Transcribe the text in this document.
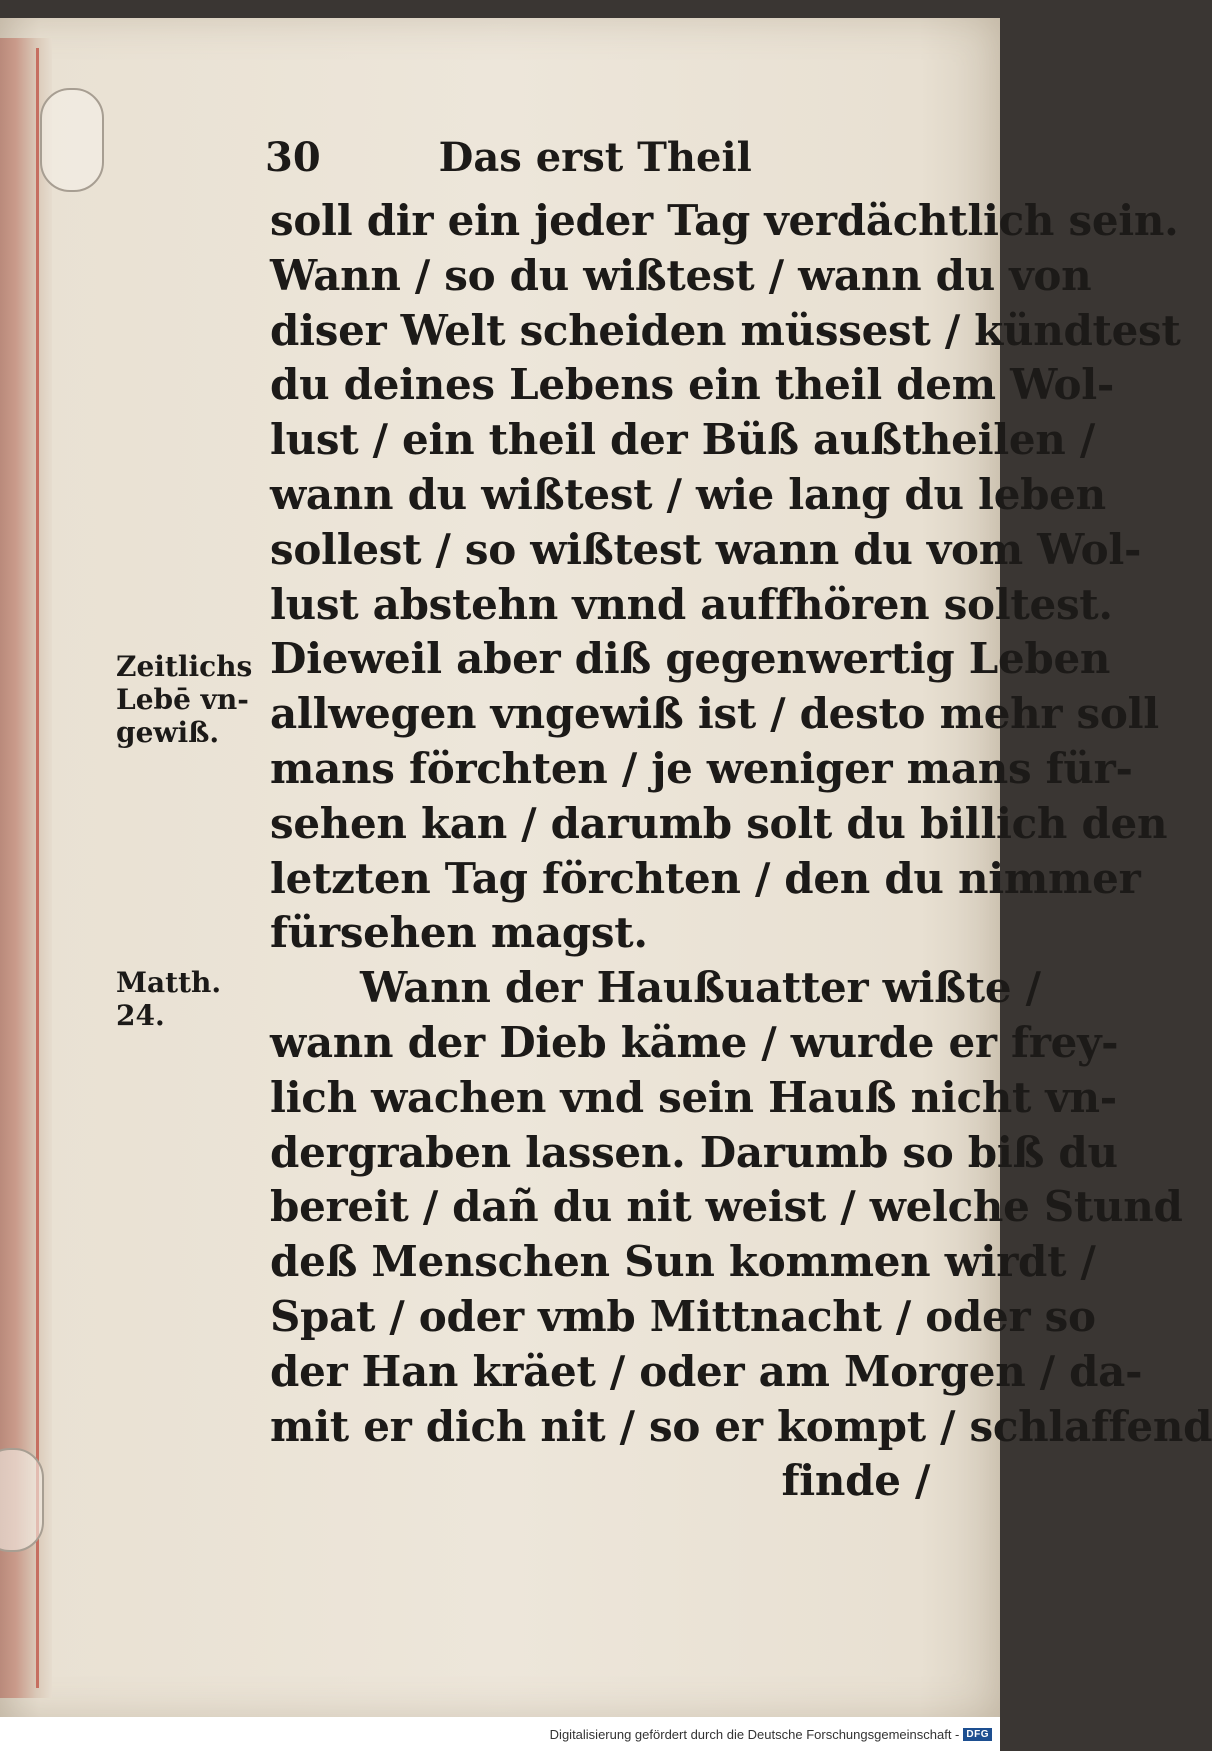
30	Das erst Theil
soll dir ein jeder Tag verdächtlich sein.
Wann / so du wißtest / wann du von
diser Welt scheiden müssest / kündtest
du deines Lebens ein theil dem Wol-
lust / ein theil der Büß außtheilen /
wann du wißtest / wie lang du leben
sollest / so wißtest wann du vom Wol-
lust abstehn vnnd auffhören soltest.
Dieweil aber diß gegenwertig Leben
allwegen vngewiß ist / desto mehr soll
mans förchten / je weniger mans für-
sehen kan / darumb solt du billich den
letzten Tag förchten / den du nimmer
fürsehen magst.
Wann der Haußuatter wißte /
wann der Dieb käme / wurde er frey-
lich wachen vnd sein Hauß nicht vn-
dergraben lassen. Darumb so biß du
bereit / dañ du nit weist / welche Stund
deß Menschen Sun kommen wirdt /
Spat / oder vmb Mittnacht / oder so
der Han kräet / oder am Morgen / da-
mit er dich nit / so er kompt / schlaffend
finde /
Zeitlichs
Lebē vn-
gewiß.
Matth.
24.
Digitalisierung gefördert durch die Deutsche Forschungsgemeinschaft - DFG
